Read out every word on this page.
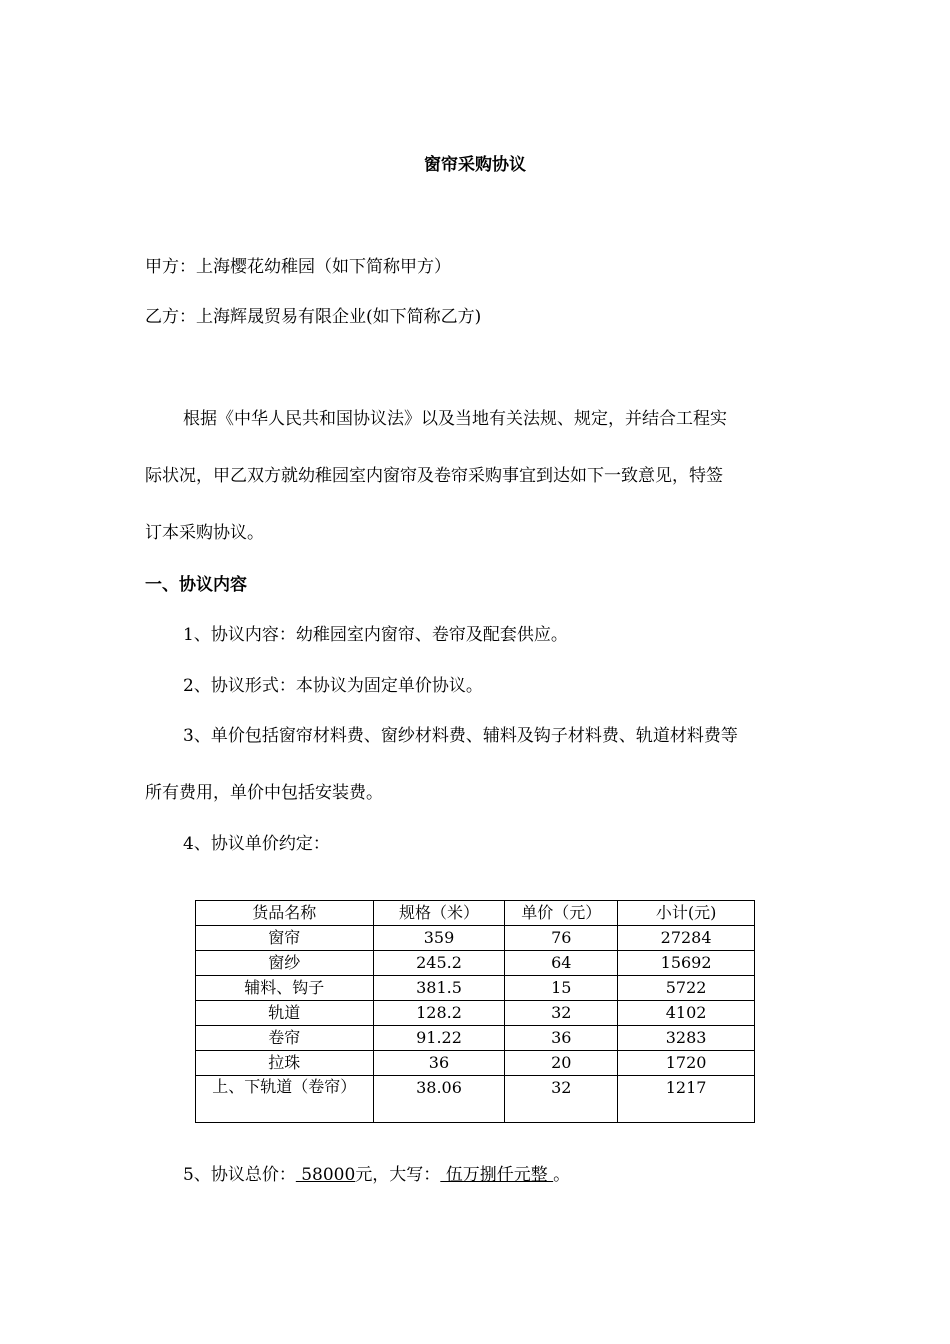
窗帘采购协议
甲方：上海樱花幼稚园（如下简称甲方）
乙方：上海辉晟贸易有限企业(如下简称乙方)
根据《中华人民共和国协议法》以及当地有关法规、规定，并结合工程实
际状况，甲乙双方就幼稚园室内窗帘及卷帘采购事宜到达如下一致意见，特签
订本采购协议。
一、协议内容
1、协议内容：幼稚园室内窗帘、卷帘及配套供应。
2、协议形式：本协议为固定单价协议。
3、单价包括窗帘材料费、窗纱材料费、辅料及钩子材料费、轨道材料费等
所有费用，单价中包括安装费。
4、协议单价约定：
货品名称	规格（米）	单价（元）	小计(元)
窗帘	359	76	27284
窗纱	245.2	64	15692
辅料、钩子	381.5	15	5722
轨道	128.2	32	4102
卷帘	91.22	36	3283
拉珠	36	20	1720
上、下轨道（卷帘）	38.06	32	1217
5、协议总价： 58000元，大写： 伍万捌仟元整 。
